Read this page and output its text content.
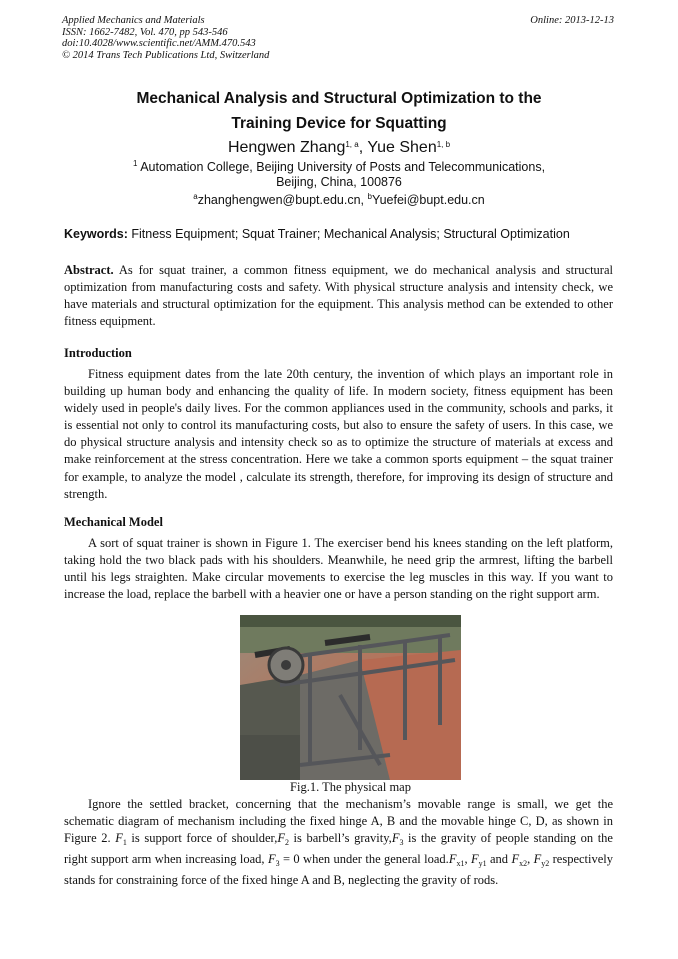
Applied Mechanics and Materials
ISSN: 1662-7482, Vol. 470, pp 543-546
doi:10.4028/www.scientific.net/AMM.470.543
© 2014 Trans Tech Publications Ltd, Switzerland
Online: 2013-12-13
Mechanical Analysis and Structural Optimization to the
Training Device for Squatting
Hengwen Zhang$^{1, a}$, Yue Shen$^{1, b}$
$^1$ Automation College, Beijing University of Posts and Telecommunications,
Beijing, China, 100876
$^a$zhanghengwen@bupt.edu.cn, $^b$Yuefei@bupt.edu.cn
Keywords: Fitness Equipment; Squat Trainer; Mechanical Analysis; Structural Optimization
Abstract. As for squat trainer, a common fitness equipment, we do mechanical analysis and structural optimization from manufacturing costs and safety. With physical structure analysis and intensity check, we have materials and structural optimization for the equipment. This analysis method can be extended to other fitness equipment.
Introduction
Fitness equipment dates from the late 20th century, the invention of which plays an important role in building up human body and enhancing the quality of life. In modern society, fitness equipment has been widely used in people's daily lives. For the common appliances used in the community, schools and parks, it is essential not only to control its manufacturing costs, but also to ensure the safety of users. In this case, we do physical structure analysis and intensity check so as to optimize the structure of materials at excess and make reinforcement at the stress concentration. Here we take a common sports equipment – the squat trainer for example, to analyze the model , calculate its strength, therefore, for improving its design of structure and strength.
Mechanical Model
A sort of squat trainer is shown in Figure 1. The exerciser bend his knees standing on the left platform, taking hold the two black pads with his shoulders. Meanwhile, he need grip the armrest, lifting the barbell until his legs straighten. Make circular movements to exercise the leg muscles in this way. If you want to increase the load, replace the barbell with a heavier one or have a person standing on the right support arm.
Fig.1. The physical map
Ignore the settled bracket, concerning that the mechanism’s movable range is small, we get the schematic diagram of mechanism including the fixed hinge A, B and the movable hinge C, D, as shown in Figure 2. $F_1$ is support force of $shoulder,F_2$ is barbell’s $gravity,F_3$ is the gravity of people standing on the right support arm when increasing load, $F_3 = 0$ when under the general $load.F_{x1}$, $F_{y1}$ and $F_{x2}$, $F_{y2}$ respectively stands for constraining force of the fixed hinge A and B, neglecting the gravity of rods.
